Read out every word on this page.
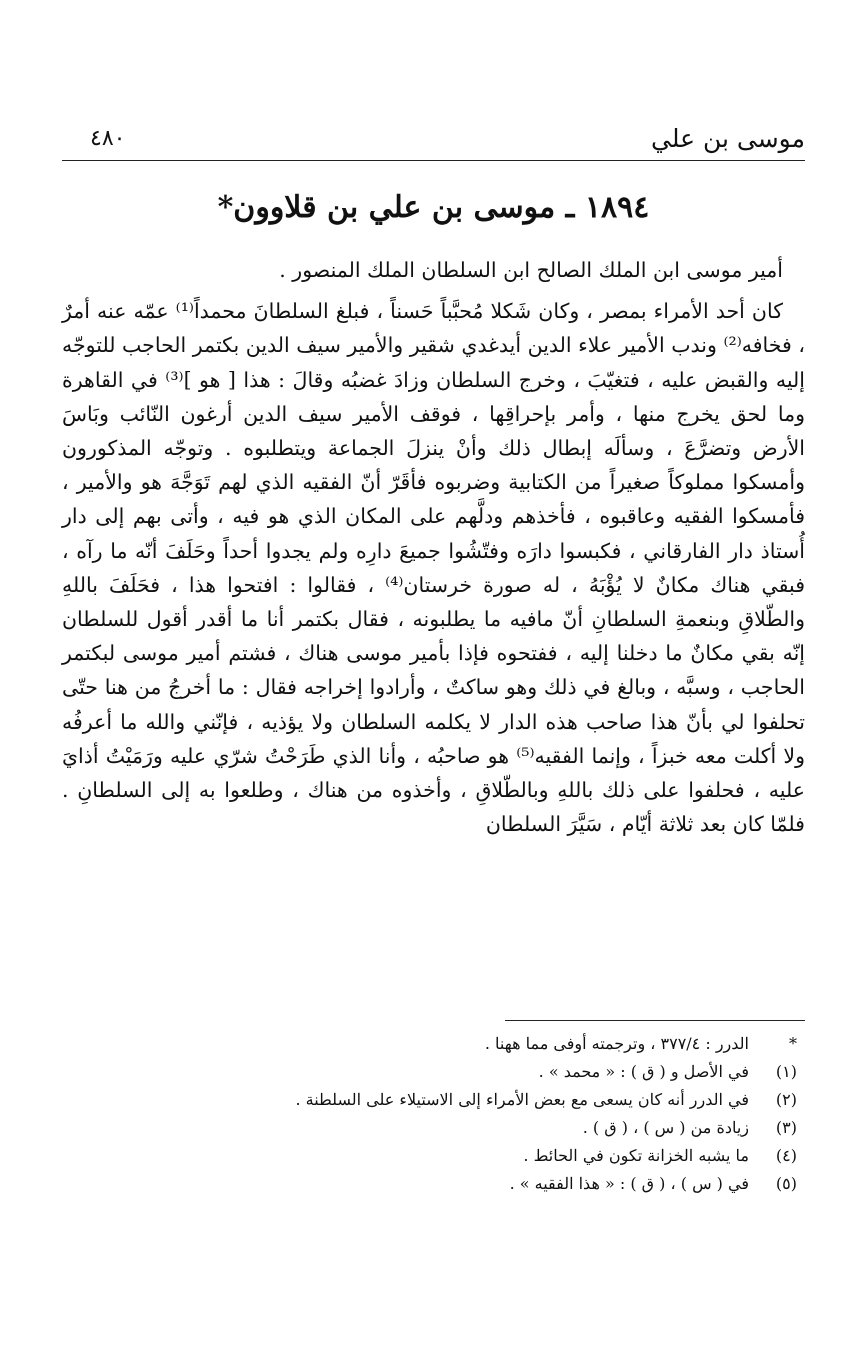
موسى بن علي
٤٨٠
١٨٩٤ ـ موسى بن علي بن قلاوون*

أمير موسى ابن الملك الصالح ابن السلطان الملك المنصور .

كان أحد الأمراء بمصر ، وكان شَكلا مُحبَّباً حَسناً ، فبلغ السلطانَ محمداً⁽¹⁾ عمّه عنه أمرٌ ، فخافه⁽²⁾ وندب الأمير علاء الدين أيدغدي شقير والأمير سيف الدين بكتمر الحاجب للتوجّه إليه والقبض عليه ، فتغيّبَ ، وخرج السلطان وزادَ غضبُه وقالَ : هذا [ هو ]⁽³⁾ في القاهرة وما لحق يخرج منها ، وأمر بإحراقِها ، فوقف الأمير سيف الدين أرغون النّائب وبَاسَ الأرض وتضرَّعَ ، وسألَه إبطال ذلك وأنْ ينزلَ الجماعة ويتطلبوه . وتوجّه المذكورون وأمسكوا مملوكاً صغيراً من الكتابية وضربوه فأقَرّ أنّ الفقيه الذي لهم تَوَجَّهَ هو والأمير ، فأمسكوا الفقيه وعاقبوه ، فأخذهم ودلَّهم على المكان الذي هو فيه ، وأتى بهم إلى دار أُستاذ دار الفارقاني ، فكبسوا دارَه وفتّشُوا جميعَ دارِه ولم يجدوا أحداً وحَلَفَ أنّه ما رآه ، فبقي هناك مكانٌ لا يُؤْبَهُ ، له صورة خرستان⁽⁴⁾ ، فقالوا : افتحوا هذا ، فحَلَفَ باللهِ والطّلاقِ وبنعمةِ السلطانِ أنّ مافيه ما يطلبونه ، فقال بكتمر أنا ما أقدر أقول للسلطان إنّه بقي مكانٌ ما دخلنا إليه ، ففتحوه فإذا بأمير موسى هناك ، فشتم أمير موسى لبكتمر الحاجب ، وسبَّه ، وبالغ في ذلك وهو ساكتٌ ، وأرادوا إخراجه فقال : ما أخرجُ من هنا حتّى تحلفوا لي بأنّ هذا صاحب هذه الدار لا يكلمه السلطان ولا يؤذيه ، فإنّني والله ما أعرفُه ولا أكلت معه خبزاً ، وإنما الفقيه⁽⁵⁾ هو صاحبُه ، وأنا الذي طَرَحْتُ شرّي عليه ورَمَيْتُ أذايَ عليه ، فحلفوا على ذلك باللهِ وبالطّلاقِ ، وأخذوه من هناك ، وطلعوا به إلى السلطانِ . فلمّا كان بعد ثلاثة أيّام ، سَيَّرَ السلطان

*
الدرر : ٣٧٧/٤ ، وترجمته أوفى مما ههنا .
(١)
في الأصل و ( ق ) : « محمد » .
(٢)
في الدرر أنه كان يسعى مع بعض الأمراء إلى الاستيلاء على السلطنة .
(٣)
زيادة من ( س ) ، ( ق ) .
(٤)
ما يشبه الخزانة تكون في الحائط .
(٥)
في ( س ) ، ( ق ) : « هذا الفقيه » .
